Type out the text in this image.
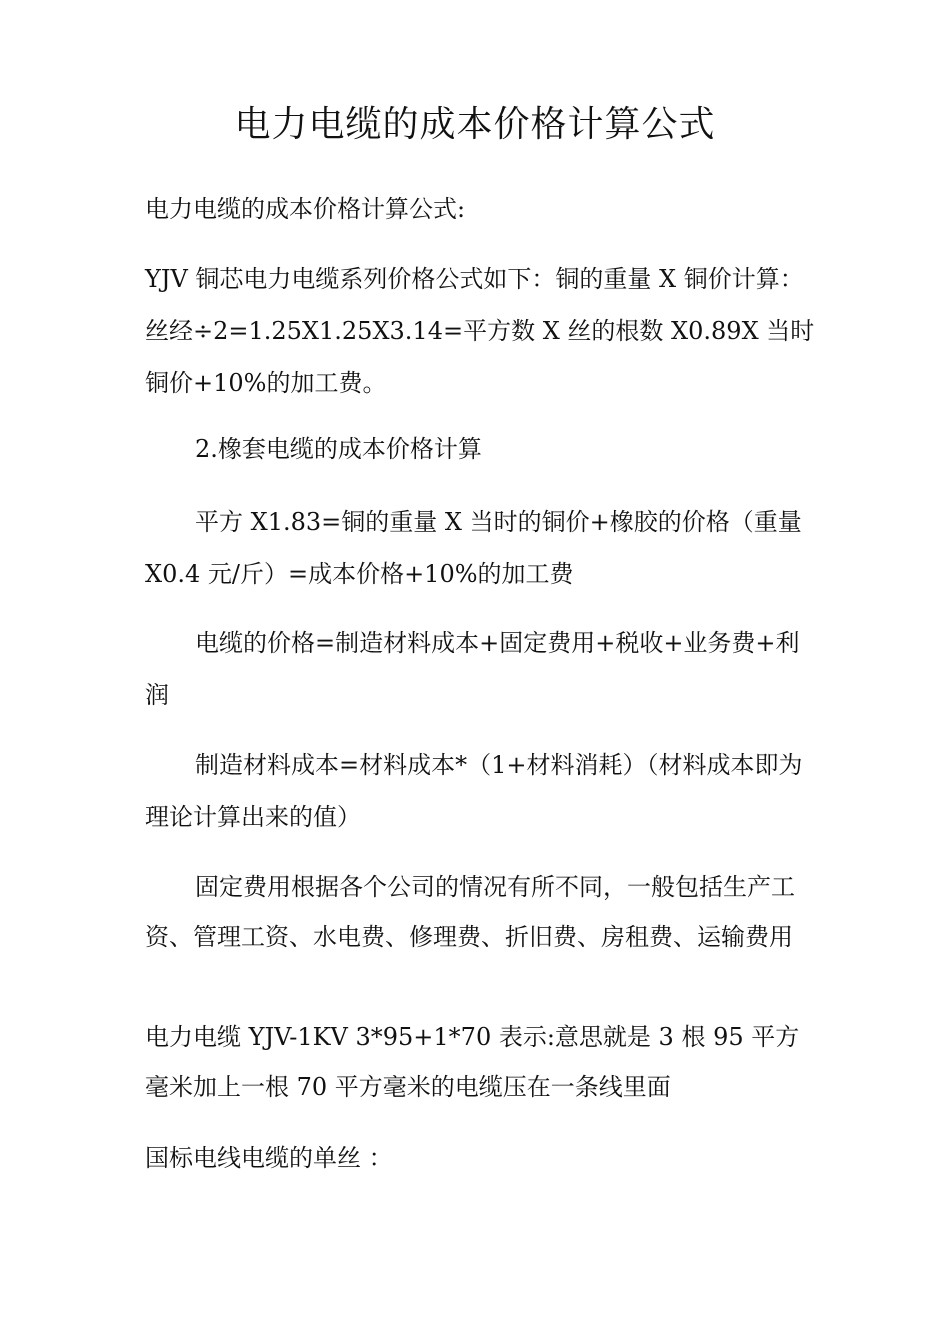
电力电缆的成本价格计算公式

电力电缆的成本价格计算公式:

YJV 铜芯电力电缆系列价格公式如下：铜的重量 X 铜价计算：丝经÷2=1.25X1.25X3.14=平方数 X 丝的根数 X0.89X 当时铜价+10%的加工费。

2.橡套电缆的成本价格计算

平方 X1.83=铜的重量 X 当时的铜价+橡胶的价格（重量 X0.4 元/斤）=成本价格+10%的加工费

电缆的价格=制造材料成本+固定费用+税收+业务费+利润

制造材料成本=材料成本*（1+材料消耗）（材料成本即为理论计算出来的值）

固定费用根据各个公司的情况有所不同，一般包括生产工资、管理工资、水电费、修理费、折旧费、房租费、运输费用

电力电缆 YJV-1KV 3*95+1*70 表示:意思就是 3 根 95 平方毫米加上一根 70 平方毫米的电缆压在一条线里面

国标电线电缆的单丝 ：
